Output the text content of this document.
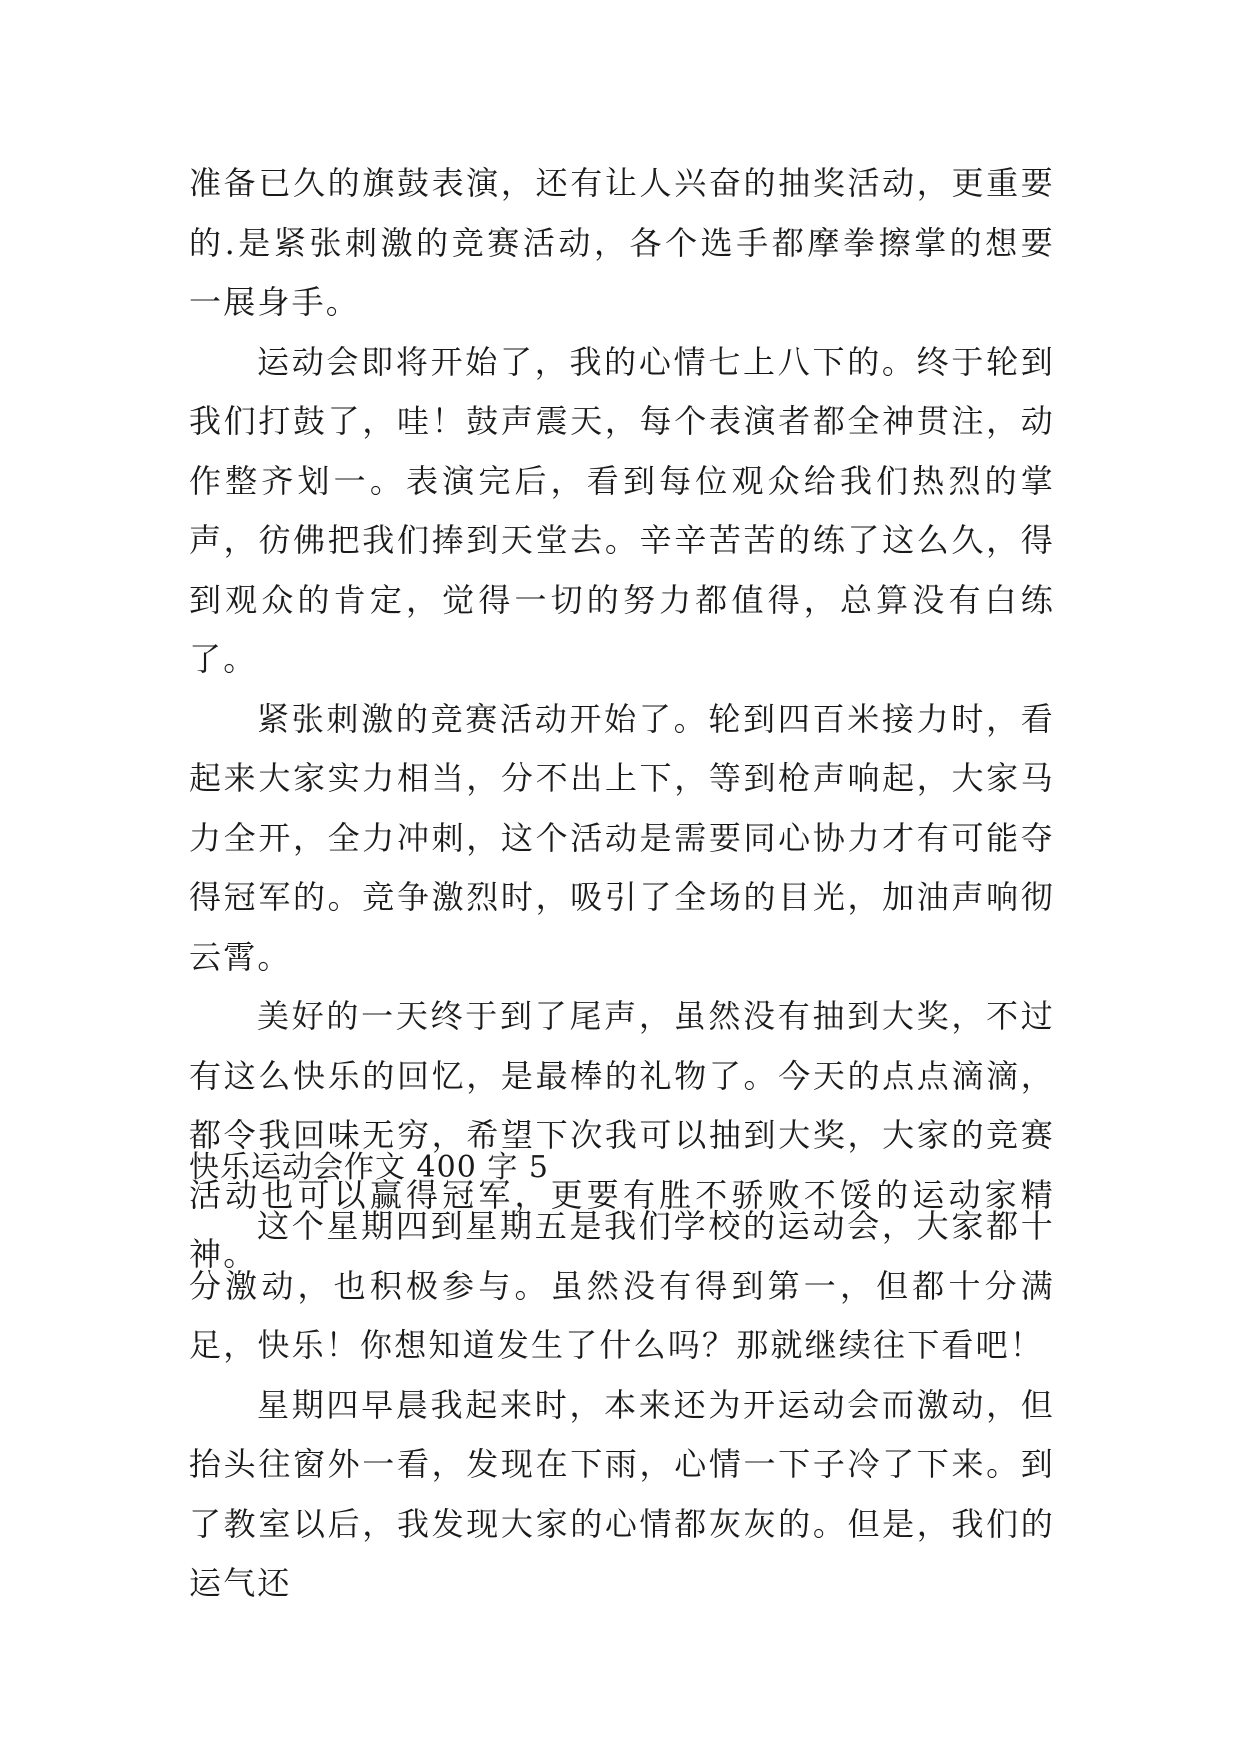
准备已久的旗鼓表演，还有让人兴奋的抽奖活动，更重要的.是紧张刺激的竞赛活动，各个选手都摩拳擦掌的想要一展身手。

运动会即将开始了，我的心情七上八下的。终于轮到我们打鼓了，哇！鼓声震天，每个表演者都全神贯注，动作整齐划一。表演完后，看到每位观众给我们热烈的掌声，彷佛把我们捧到天堂去。辛辛苦苦的练了这么久，得到观众的肯定，觉得一切的努力都值得，总算没有白练了。

紧张刺激的竞赛活动开始了。轮到四百米接力时，看起来大家实力相当，分不出上下，等到枪声响起，大家马力全开，全力冲刺，这个活动是需要同心协力才有可能夺得冠军的。竞争激烈时，吸引了全场的目光，加油声响彻云霄。

美好的一天终于到了尾声，虽然没有抽到大奖，不过有这么快乐的回忆，是最棒的礼物了。今天的点点滴滴，都令我回味无穷，希望下次我可以抽到大奖，大家的竞赛活动也可以赢得冠军，更要有胜不骄败不馁的运动家精神。

快乐运动会作文 400 字 5

这个星期四到星期五是我们学校的运动会，大家都十分激动，也积极参与。虽然没有得到第一，但都十分满足，快乐！你想知道发生了什么吗？那就继续往下看吧！

星期四早晨我起来时，本来还为开运动会而激动，但抬头往窗外一看，发现在下雨，心情一下子冷了下来。到了教室以后，我发现大家的心情都灰灰的。但是，我们的运气还
